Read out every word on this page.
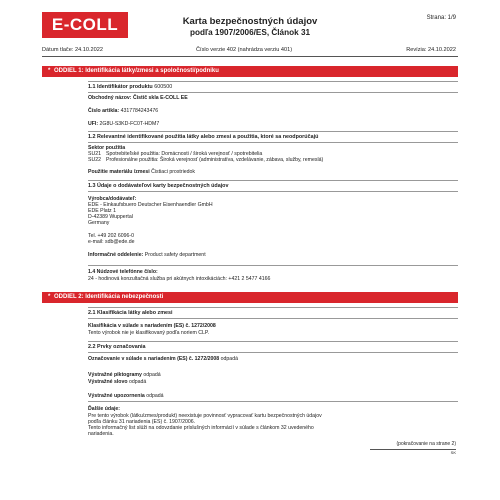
E-COLL	Karta bezpečnostných údajov
podľa 1907/2006/ES, Článok 31
Strana: 1/9
Dátum tlače: 24.10.2022	Číslo verzie 402 (nahrádza verziu 401)	Revízia: 24.10.2022
* ODDIEL 1: Identifikácia látky/zmesi a spoločnosti/podniku
1.1 Identifikátor produktu 600500
Obchodný názov: Čistič skla E-COLL EE
Číslo artikla: 4317784243476
UFI: 2G8U-S3KD-FC0T-HDM7
1.2 Relevantné identifikované použitia látky alebo zmesi a použitia, ktoré sa neodporúčajú
Sektor použitia
SU21 Spotrebiteľské použitia: Domácnosti / široká verejnosť / spotrebitelia
SU22 Profesionálne použitia: Široká verejnosť (administratíva, vzdelávanie, zábava, služby, remeslá)
Použitie materiálu /zmesi Čistiaci prostriedok
1.3 Údaje o dodávateľovi karty bezpečnostných údajov
Výrobca/dodávateľ:
EDE - Einkaufsbuero Deutscher Eisenhaendler GmbH
EDE Platz 1
D-42389 Wuppertal
Germany
Tel. +49 202 6096-0
e-mail: sdb@ede.de
Informačné oddelenie: Product safety department
1.4 Núdzové telefónne číslo:
24 - hodinová konzultačná služba pri akútnych intoxikáciách: +421 2 5477 4166
* ODDIEL 2: Identifikácia nebezpečnosti
2.1 Klasifikácia látky alebo zmesi
Klasifikácia v súlade s nariadením (ES) č. 1272/2008
Tento výrobok nie je klasifikovaný podľa noriem CLP.
2.2 Prvky označovania
Označovanie v súlade s nariadením (ES) č. 1272/2008 odpadá
Výstražné piktogramy odpadá
Výstražné slovo odpadá
Výstražné upozornenia odpadá
Ďalšie údaje:
Pre tento výrobok (látku/zmes/produkt) neexistuje povinnosť vypracovať kartu bezpečnostných údajov
podľa článku 31 nariadenia (ES) č. 1907/2006.
Tento informačný list slúži na odovzdanie príslušných informácií v súlade s článkom 32 uvedeného
nariadenia.
(pokračovanie na strane 2)
SK
